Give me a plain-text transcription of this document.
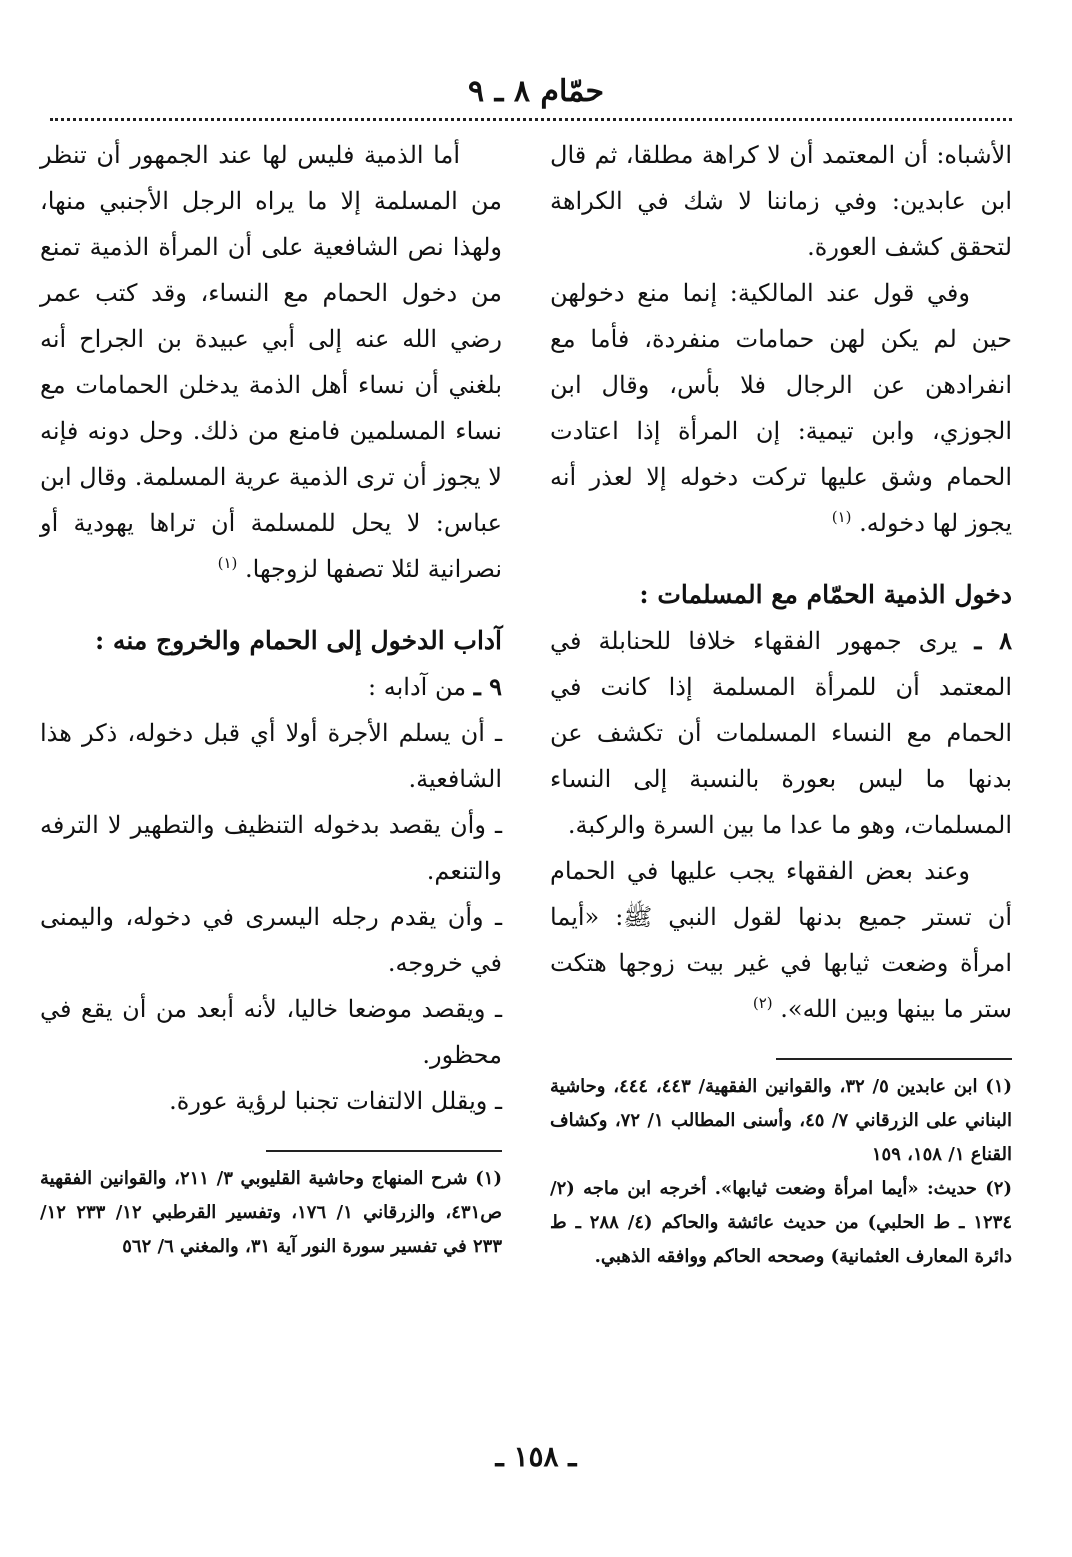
حمّام ٨ ـ ٩

الأشباه: أن المعتمد أن لا كراهة مطلقا، ثم قال ابن عابدين: وفي زماننا لا شك في الكراهة لتحقق كشف العورة.

وفي قول عند المالكية: إنما منع دخولهن حين لم يكن لهن حمامات منفردة، فأما مع انفرادهن عن الرجال فلا بأس، وقال ابن الجوزي، وابن تيمية: إن المرأة إذا اعتادت الحمام وشق عليها تركت دخوله إلا لعذر أنه يجوز لها دخوله. $^{(١)}$

دخول الذمية الحمّام مع المسلمات :

٨ ـ يرى جمهور الفقهاء خلافا للحنابلة في المعتمد أن للمرأة المسلمة إذا كانت في الحمام مع النساء المسلمات أن تكشف عن بدنها ما ليس بعورة بالنسبة إلى النساء المسلمات، وهو ما عدا ما بين السرة والركبة.

وعند بعض الفقهاء يجب عليها في الحمام أن تستر جميع بدنها لقول النبي ﷺ: «أيما امرأة وضعت ثيابها في غير بيت زوجها هتكت ستر ما بينها وبين الله». $^{(٢)}$

(١) ابن عابدين ٥/ ٣٢، والقوانين الفقهية/ ٤٤٣، ٤٤٤، وحاشية البناني على الزرقاني ٧/ ٤٥، وأسنى المطالب ١/ ٧٢، وكشاف القناع ١/ ١٥٨، ١٥٩

(٢) حديث: «أيما امرأة وضعت ثيابها». أخرجه ابن ماجه (٢/ ١٢٣٤ ـ ط الحلبي) من حديث عائشة والحاكم (٤/ ٢٨٨ ـ ط دائرة المعارف العثمانية) وصححه الحاكم ووافقه الذهبي.

أما الذمية فليس لها عند الجمهور أن تنظر من المسلمة إلا ما يراه الرجل الأجنبي منها، ولهذا نص الشافعية على أن المرأة الذمية تمنع من دخول الحمام مع النساء، وقد كتب عمر رضي الله عنه إلى أبي عبيدة بن الجراح أنه بلغني أن نساء أهل الذمة يدخلن الحمامات مع نساء المسلمين فامنع من ذلك. وحل دونه فإنه لا يجوز أن ترى الذمية عرية المسلمة. وقال ابن عباس: لا يحل للمسلمة أن تراها يهودية أو نصرانية لئلا تصفها لزوجها. $^{(١)}$

آداب الدخول إلى الحمام والخروج منه :

٩ ـ من آدابه :

ـ أن يسلم الأجرة أولا أي قبل دخوله، ذكر هذا الشافعية.

ـ وأن يقصد بدخوله التنظيف والتطهير لا الترفه والتنعم.

ـ وأن يقدم رجله اليسرى في دخوله، واليمنى في خروجه.

ـ ويقصد موضعا خاليا، لأنه أبعد من أن يقع في محظور.

ـ ويقلل الالتفات تجنبا لرؤية عورة.

(١) شرح المنهاج وحاشية القليوبي ٣/ ٢١١، والقوانين الفقهية ص٤٣١، والزرقاني ١/ ١٧٦، وتفسير القرطبي ١٢/ ٢٣٣ ١٢/ ٢٣٣ في تفسير سورة النور آية ٣١، والمغني ٦/ ٥٦٢

ـ ١٥٨ ـ
